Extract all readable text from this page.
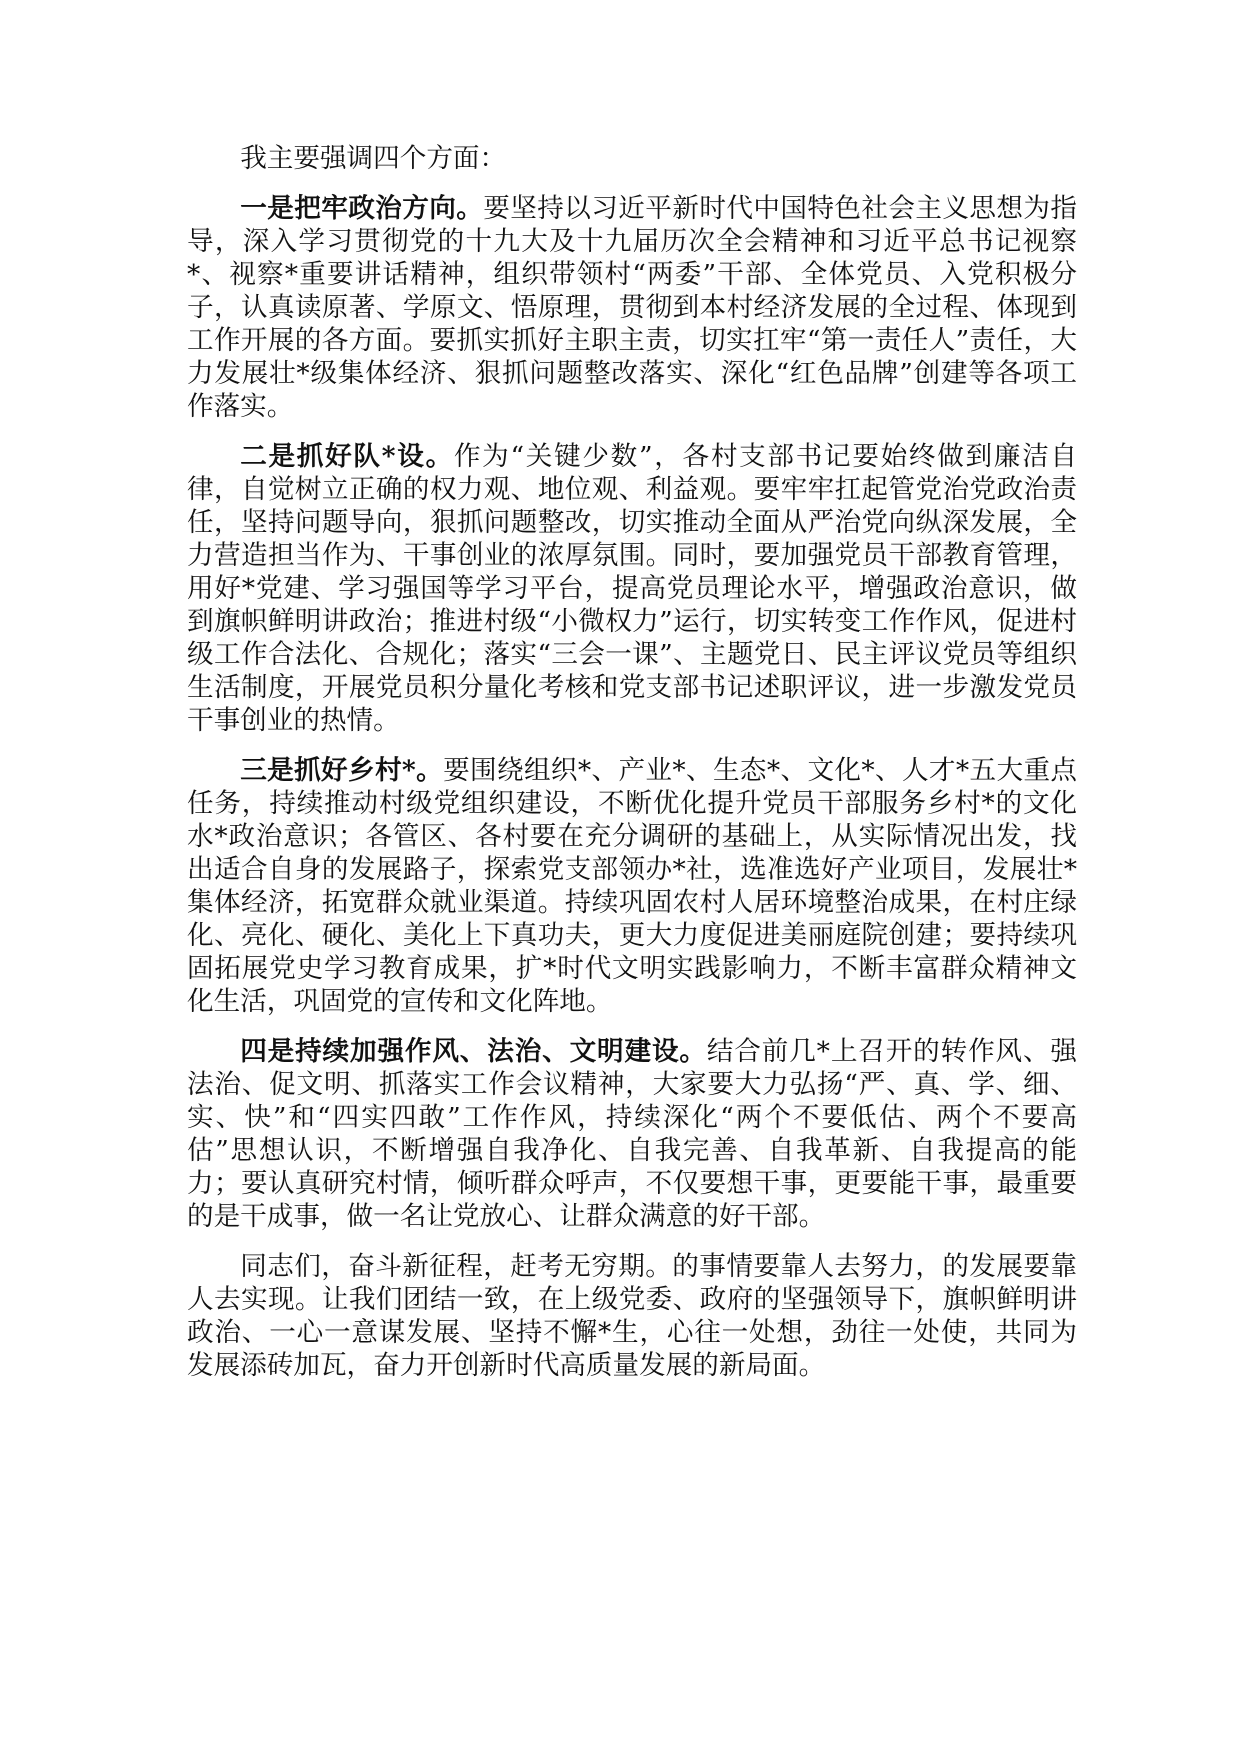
我主要强调四个方面：

一是把牢政治方向。要坚持以习近平新时代中国特色社会主义思想为指导，深入学习贯彻党的十九大及十九届历次全会精神和习近平总书记视察*、视察*重要讲话精神，组织带领村“两委”干部、全体党员、入党积极分子，认真读原著、学原文、悟原理，贯彻到本村经济发展的全过程、体现到工作开展的各方面。要抓实抓好主职主责，切实扛牢“第一责任人”责任，大力发展壮*级集体经济、狠抓问题整改落实、深化“红色品牌”创建等各项工作落实。

二是抓好队*设。作为“关键少数”，各村支部书记要始终做到廉洁自律，自觉树立正确的权力观、地位观、利益观。要牢牢扛起管党治党政治责任，坚持问题导向，狠抓问题整改，切实推动全面从严治党向纵深发展，全力营造担当作为、干事创业的浓厚氛围。同时，要加强党员干部教育管理，用好*党建、学习强国等学习平台，提高党员理论水平，增强政治意识，做到旗帜鲜明讲政治；推进村级“小微权力”运行，切实转变工作作风，促进村级工作合法化、合规化；落实“三会一课”、主题党日、民主评议党员等组织生活制度，开展党员积分量化考核和党支部书记述职评议，进一步激发党员干事创业的热情。

三是抓好乡村*。要围绕组织*、产业*、生态*、文化*、人才*五大重点任务，持续推动村级党组织建设，不断优化提升党员干部服务乡村*的文化水*政治意识；各管区、各村要在充分调研的基础上，从实际情况出发，找出适合自身的发展路子，探索党支部领办*社，选准选好产业项目，发展壮*集体经济，拓宽群众就业渠道。持续巩固农村人居环境整治成果，在村庄绿化、亮化、硬化、美化上下真功夫，更大力度促进美丽庭院创建；要持续巩固拓展党史学习教育成果，扩*时代文明实践影响力，不断丰富群众精神文化生活，巩固党的宣传和文化阵地。

四是持续加强作风、法治、文明建设。结合前几*上召开的转作风、强法治、促文明、抓落实工作会议精神，大家要大力弘扬“严、真、学、细、实、快”和“四实四敢”工作作风，持续深化“两个不要低估、两个不要高估”思想认识，不断增强自我净化、自我完善、自我革新、自我提高的能力；要认真研究村情，倾听群众呼声，不仅要想干事，更要能干事，最重要的是干成事，做一名让党放心、让群众满意的好干部。

同志们，奋斗新征程，赶考无穷期。的事情要靠人去努力，的发展要靠人去实现。让我们团结一致，在上级党委、政府的坚强领导下，旗帜鲜明讲政治、一心一意谋发展、坚持不懈*生，心往一处想，劲往一处使，共同为发展添砖加瓦，奋力开创新时代高质量发展的新局面。
